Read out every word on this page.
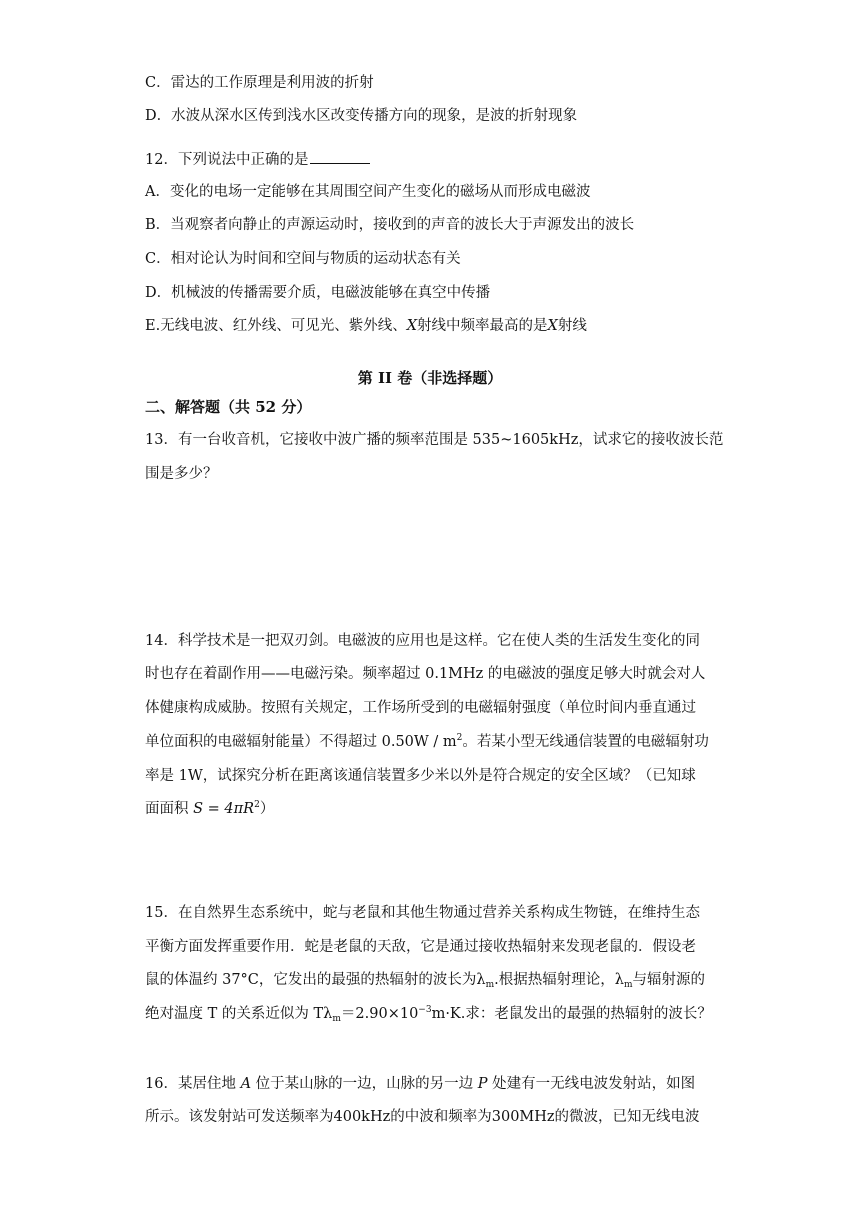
C．雷达的工作原理是利用波的折射
D．水波从深水区传到浅水区改变传播方向的现象，是波的折射现象
12．下列说法中正确的是
A．变化的电场一定能够在其周围空间产生变化的磁场从而形成电磁波
B．当观察者向静止的声源运动时，接收到的声音的波长大于声源发出的波长
C．相对论认为时间和空间与物质的运动状态有关
D．机械波的传播需要介质，电磁波能够在真空中传播
E.无线电波、红外线、可见光、紫外线、X射线中频率最高的是X射线
第 II 卷（非选择题）
二、解答题（共 52 分）
13．有一台收音机，它接收中波广播的频率范围是 535~1605kHz，试求它的接收波长范
围是多少？
14．科学技术是一把双刃剑。电磁波的应用也是这样。它在使人类的生活发生变化的同
时也存在着副作用——电磁污染。频率超过 0.1MHz 的电磁波的强度足够大时就会对人
体健康构成威胁。按照有关规定，工作场所受到的电磁辐射强度（单位时间内垂直通过
单位面积的电磁辐射能量）不得超过 $0.50W / m^2$。若某小型无线通信装置的电磁辐射功
率是 1W，试探究分析在距离该通信装置多少米以外是符合规定的安全区域？（已知球
面面积 $S = 4\pi R^2$）
15．在自然界生态系统中，蛇与老鼠和其他生物通过营养关系构成生物链，在维持生态
平衡方面发挥重要作用．蛇是老鼠的天敌，它是通过接收热辐射来发现老鼠的．假设老
鼠的体温约 37°C，它发出的最强的热辐射的波长为$\lambda_m$.根据热辐射理论，$\lambda_m$与辐射源的
绝对温度 T 的关系近似为 $T\lambda_m=2.90\times 10^{-3}m\cdot K$.求：老鼠发出的最强的热辐射的波长？
16．某居住地 A 位于某山脉的一边，山脉的另一边 P 处建有一无线电波发射站，如图
所示。该发射站可发送频率为400kHz的中波和频率为300MHz的微波，已知无线电波
